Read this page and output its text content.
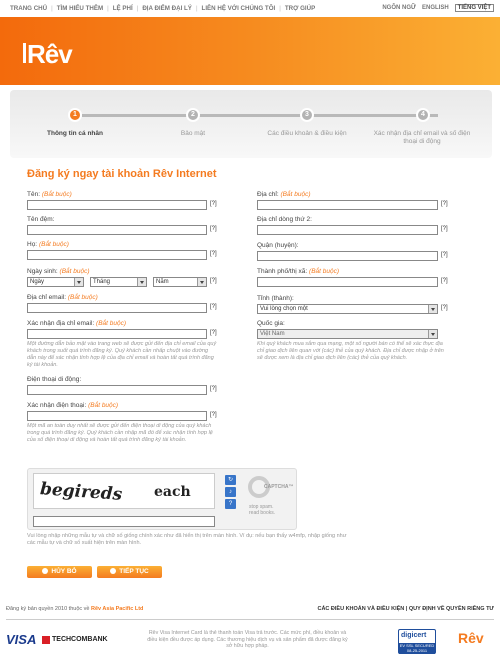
TRANG CHỦ | TÌM HIỂU THÊM | LỆ PHÍ | ĐỊA ĐIỂM ĐẠI LÝ | LIÊN HỆ VỚI CHÚNG TÔI | TRỢ GIÚP	NGÔN NGỮ ENGLISH	TIẾNG VIỆT
Rêv
1	2	3	4
Thông tin cá nhân	Bảo mật	Các điều khoản & điều kiện	Xác nhận địa chỉ email và số điện thoại di động
Đăng ký ngay tài khoản Rêv Internet
Tên: (Bắt buộc)
[?]
Tên đệm:
[?]
Họ: (Bắt buộc)
[?]
Ngày sinh: (Bắt buộc)
Ngày	Tháng	Năm	[?]
Địa chỉ email: (Bắt buộc)
[?]
Xác nhận địa chỉ email: (Bắt buộc)
[?]
Một đường dẫn bảo mật vào trang web sẽ được gửi đến địa chỉ email của quý khách trong suốt quá trình đăng ký. Quý khách cần nhấp chuột vào đường dẫn này để xác nhận tính hợp lệ của địa chỉ email và hoàn tất quá trình đăng ký tài khoản.
Điện thoại di động:
[?]
Xác nhận điện thoại: (Bắt buộc)
[?]
Một mã an toàn duy nhất sẽ được gửi đến điện thoại di động của quý khách trong quá trình đăng ký. Quý khách cần nhập mã đó để xác nhận tính hợp lệ của số điện thoại di động và hoàn tất quá trình đăng ký tài khoản.
Địa chỉ: (Bắt buộc)
[?]
Địa chỉ dòng thứ 2:
[?]
Quận (huyện):
[?]
Thành phố/thị xã: (Bắt buộc)
[?]
Tỉnh (thành):
Vui lòng chọn một	[?]
Quốc gia:
Việt Nam
Khi quý khách mua sắm qua mạng, một số người bán có thể sẽ xác thực địa chỉ giao dịch liên quan với (các) thẻ của quý khách. Địa chỉ được nhập ở trên sẽ được xem là địa chỉ giao dịch liên (các) thẻ của quý khách.
begireds each
↻
♪
?
CAPTCHA™
stop spam.
read books.
Vui lòng nhập những mẫu tự và chữ số giống chính xác như đã hiển thị trên màn hình. Ví dụ: nếu bạn thấy w4mfp, nhập giống như các mẫu tự và chữ số xuất hiện trên màn hình.
HỦY BỎ	TIẾP TỤC
Đăng ký bản quyền 2010 thuộc về Rêv Asia Pacific Ltd	CÁC ĐIỀU KHOẢN VÀ ĐIỀU KIỆN | QUY ĐỊNH VỀ QUYỀN RIÊNG TƯ
VISA TECHCOMBANK
Rêv Visa Internet Card là thẻ thanh toán Visa trả trước. Các mức phí, điều khoản và điều kiện đều được áp dụng. Các thương hiệu dịch vụ và sản phẩm đã được đăng ký sở hữu hợp pháp.
digicert
EV SSL SECURED 08-25-2011
Rêv
